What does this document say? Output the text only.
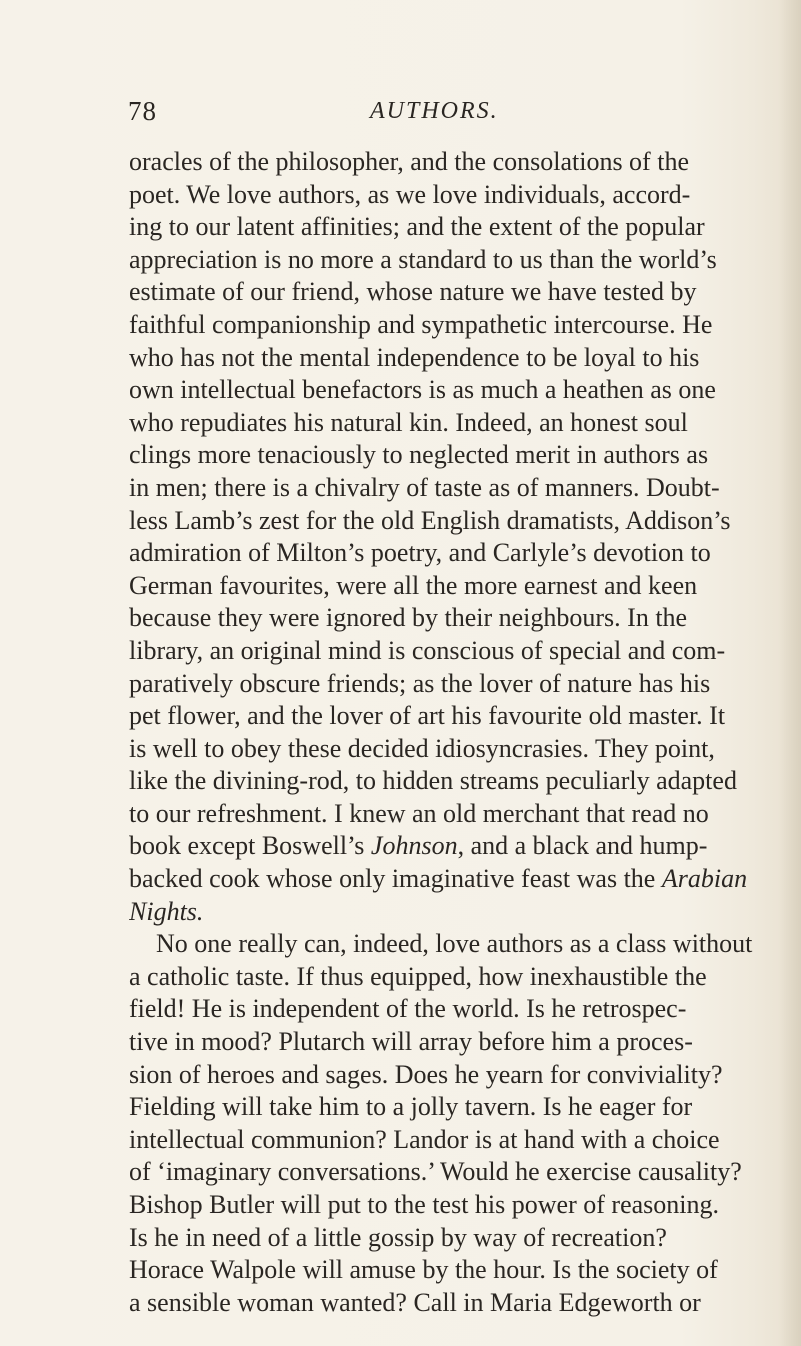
78	AUTHORS.
oracles of the philosopher, and the consolations of the
poet. We love authors, as we love individuals, accord-
ing to our latent affinities; and the extent of the popular
appreciation is no more a standard to us than the world’s
estimate of our friend, whose nature we have tested by
faithful companionship and sympathetic intercourse. He
who has not the mental independence to be loyal to his
own intellectual benefactors is as much a heathen as one
who repudiates his natural kin. Indeed, an honest soul
clings more tenaciously to neglected merit in authors as
in men; there is a chivalry of taste as of manners. Doubt-
less Lamb’s zest for the old English dramatists, Addison’s
admiration of Milton’s poetry, and Carlyle’s devotion to
German favourites, were all the more earnest and keen
because they were ignored by their neighbours. In the
library, an original mind is conscious of special and com-
paratively obscure friends; as the lover of nature has his
pet flower, and the lover of art his favourite old master. It
is well to obey these decided idiosyncrasies. They point,
like the divining-rod, to hidden streams peculiarly adapted
to our refreshment. I knew an old merchant that read no
book except Boswell’s Johnson, and a black and hump-
backed cook whose only imaginative feast was the Arabian
Nights.
No one really can, indeed, love authors as a class without
a catholic taste. If thus equipped, how inexhaustible the
field! He is independent of the world. Is he retrospec-
tive in mood? Plutarch will array before him a proces-
sion of heroes and sages. Does he yearn for conviviality?
Fielding will take him to a jolly tavern. Is he eager for
intellectual communion? Landor is at hand with a choice
of ‘imaginary conversations.’ Would he exercise causality?
Bishop Butler will put to the test his power of reasoning.
Is he in need of a little gossip by way of recreation?
Horace Walpole will amuse by the hour. Is the society of
a sensible woman wanted? Call in Maria Edgeworth or
